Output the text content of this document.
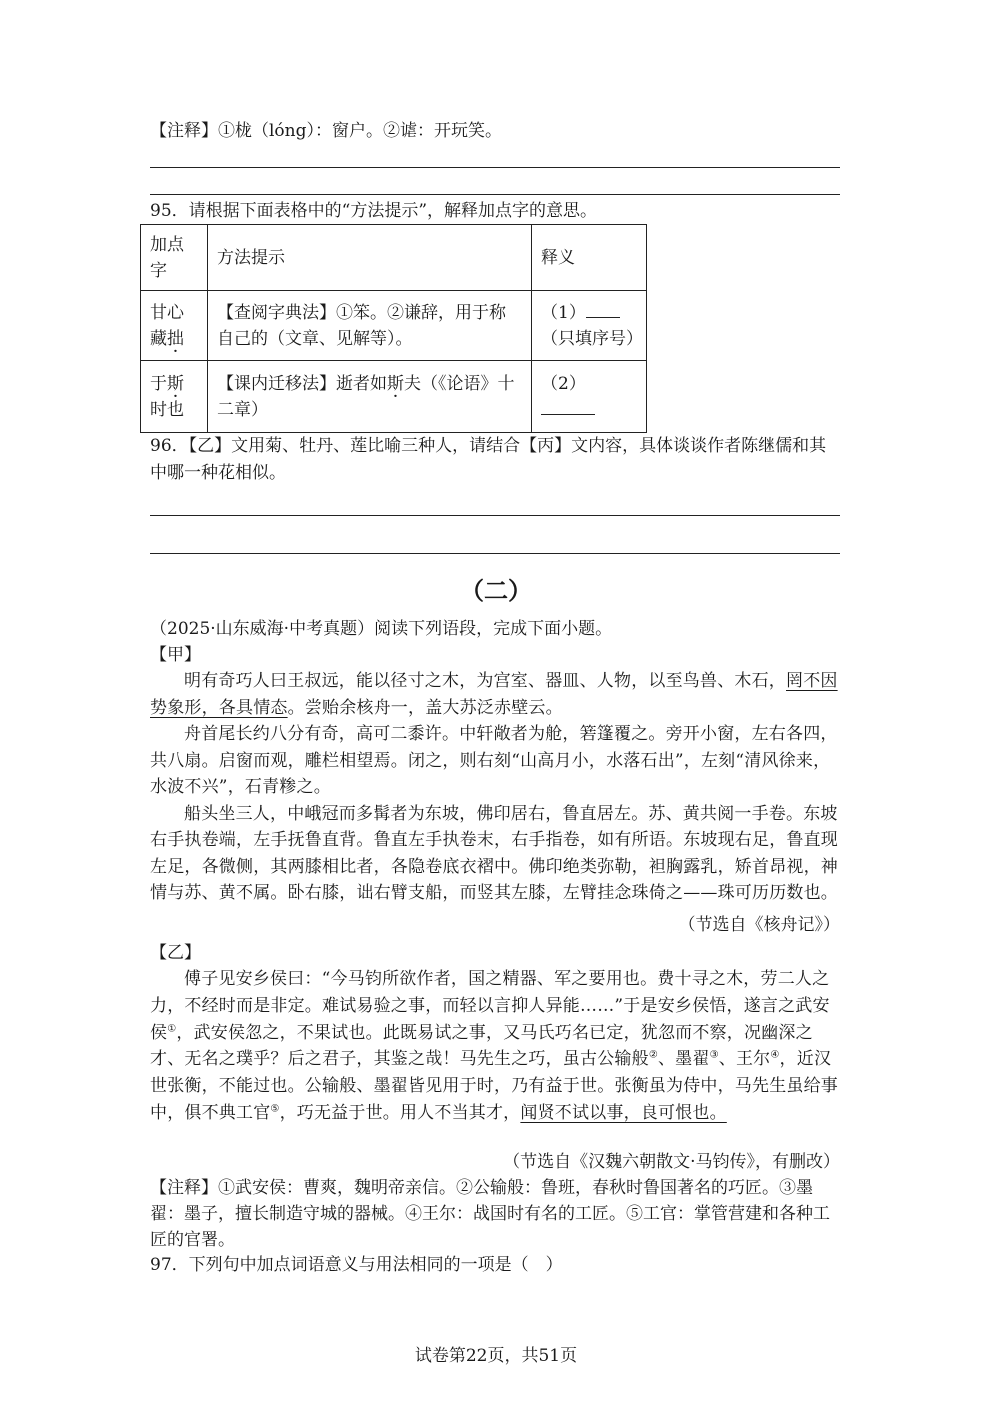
【注释】①栊（lóng）：窗户。②谑：开玩笑。
95．请根据下面表格中的“方法提示”，解释加点字的意思。
加点字	方法提示	释义
甘心藏拙	【查阅字典法】①笨。②谦辞，用于称自己的（文章、见解等）。	（1）（只填序号）
于斯时也	【课内迁移法】逝者如斯夫（《论语》十二章）	（2）
96．【乙】文用菊、牡丹、莲比喻三种人，请结合【丙】文内容，具体谈谈作者陈继儒和其中哪一种花相似。
（二）
（2025·山东威海·中考真题）阅读下列语段，完成下面小题。
【甲】

明有奇巧人曰王叔远，能以径寸之木，为宫室、器皿、人物，以至鸟兽、木石，罔不因势象形，各具情态。尝贻余核舟一，盖大苏泛赤壁云。

舟首尾长约八分有奇，高可二黍许。中轩敞者为舱，箬篷覆之。旁开小窗，左右各四，共八扇。启窗而观，雕栏相望焉。闭之，则右刻“山高月小，水落石出”，左刻“清风徐来，水波不兴”，石青糁之。

船头坐三人，中峨冠而多髯者为东坡，佛印居右，鲁直居左。苏、黄共阅一手卷。东坡右手执卷端，左手抚鲁直背。鲁直左手执卷末，右手指卷，如有所语。东坡现右足，鲁直现左足，各微侧，其两膝相比者，各隐卷底衣褶中。佛印绝类弥勒，袒胸露乳，矫首昂视，神情与苏、黄不属。卧右膝，诎右臂支船，而竖其左膝，左臂挂念珠倚之——珠可历历数也。

（节选自《核舟记》）
【乙】

傅子见安乡侯曰：“今马钧所欲作者，国之精器、军之要用也。费十寻之木，劳二人之力，不经时而是非定。难试易验之事，而轻以言抑人异能……”于是安乡侯悟，遂言之武安侯①，武安侯忽之，不果试也。此既易试之事，又马氏巧名已定，犹忽而不察，况幽深之才、无名之璞乎？后之君子，其鉴之哉！马先生之巧，虽古公输般②、墨翟③、王尔④，近汉世张衡，不能过也。公输般、墨翟皆见用于时，乃有益于世。张衡虽为侍中，马先生虽给事中，俱不典工官⑤，巧无益于世。用人不当其才，闻贤不试以事，良可恨也。

（节选自《汉魏六朝散文·马钧传》，有删改）
【注释】①武安侯：曹爽，魏明帝亲信。②公输般：鲁班，春秋时鲁国著名的巧匠。③墨翟：墨子，擅长制造守城的器械。④王尔：战国时有名的工匠。⑤工官：掌管营建和各种工匠的官署。
97．下列句中加点词语意义与用法相同的一项是（　）
试卷第22页，共51页
